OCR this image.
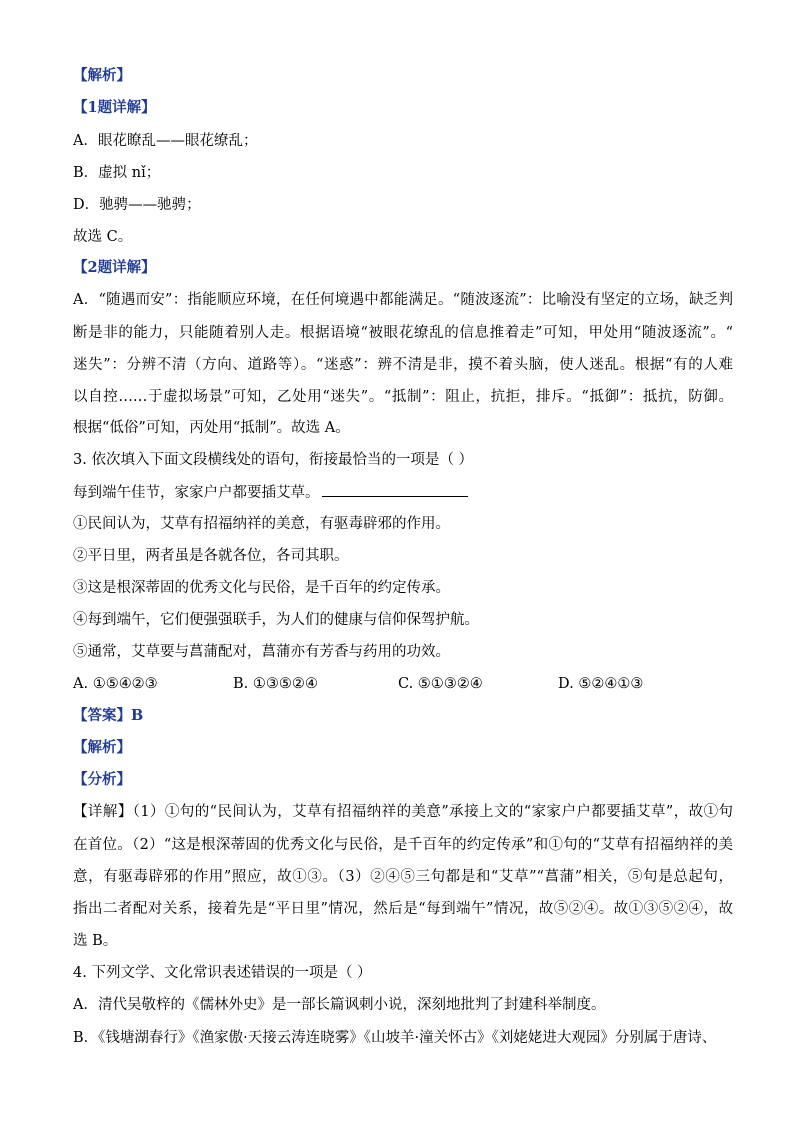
【解析】
【1题详解】
A．眼花瞭乱——眼花缭乱；
B．虚拟 nǐ；
D．驰骋——驰骋；
故选 C。
【2题详解】
A．“随遇而安”：指能顺应环境，在任何境遇中都能满足。“随波逐流”：比喻没有坚定的立场，缺乏判
断是非的能力，只能随着别人走。根据语境“被眼花缭乱的信息推着走”可知，甲处用“随波逐流”。“
迷失”：分辨不清（方向、道路等）。“迷惑”：辨不清是非，摸不着头脑，使人迷乱。根据“有的人难
以自控……于虚拟场景”可知，乙处用“迷失”。“抵制”：阻止，抗拒，排斥。“抵御”：抵抗，防御。
根据“低俗”可知，丙处用“抵制”。故选 A。
3. 依次填入下面文段横线处的语句，衔接最恰当的一项是（ ）
每到端午佳节，家家户户都要插艾草。
①民间认为，艾草有招福纳祥的美意，有驱毒辟邪的作用。
②平日里，两者虽是各就各位，各司其职。
③这是根深蒂固的优秀文化与民俗，是千百年的约定传承。
④每到端午，它们便强强联手，为人们的健康与信仰保驾护航。
⑤通常，艾草要与菖蒲配对，菖蒲亦有芳香与药用的功效。
A. ①⑤④②③	B. ①③⑤②④	C. ⑤①③②④	D. ⑤②④①③
【答案】B
【解析】
【分析】
【详解】（1）①句的“民间认为，艾草有招福纳祥的美意”承接上文的“家家户户都要插艾草”，故①句
在首位。（2）“这是根深蒂固的优秀文化与民俗，是千百年的约定传承”和①句的“艾草有招福纳祥的美
意，有驱毒辟邪的作用”照应，故①③。（3）②④⑤三句都是和“艾草”“菖蒲”相关，⑤句是总起句，
指出二者配对关系，接着先是“平日里”情况，然后是“每到端午”情况，故⑤②④。故①③⑤②④，故
选 B。
4. 下列文学、文化常识表述错误的一项是（ ）
A．清代吴敬梓的《儒林外史》是一部长篇讽刺小说，深刻地批判了封建科举制度。
B．《钱塘湖春行》《渔家傲·天接云涛连晓雾》《山坡羊·潼关怀古》《刘姥姥进大观园》分别属于唐诗、
